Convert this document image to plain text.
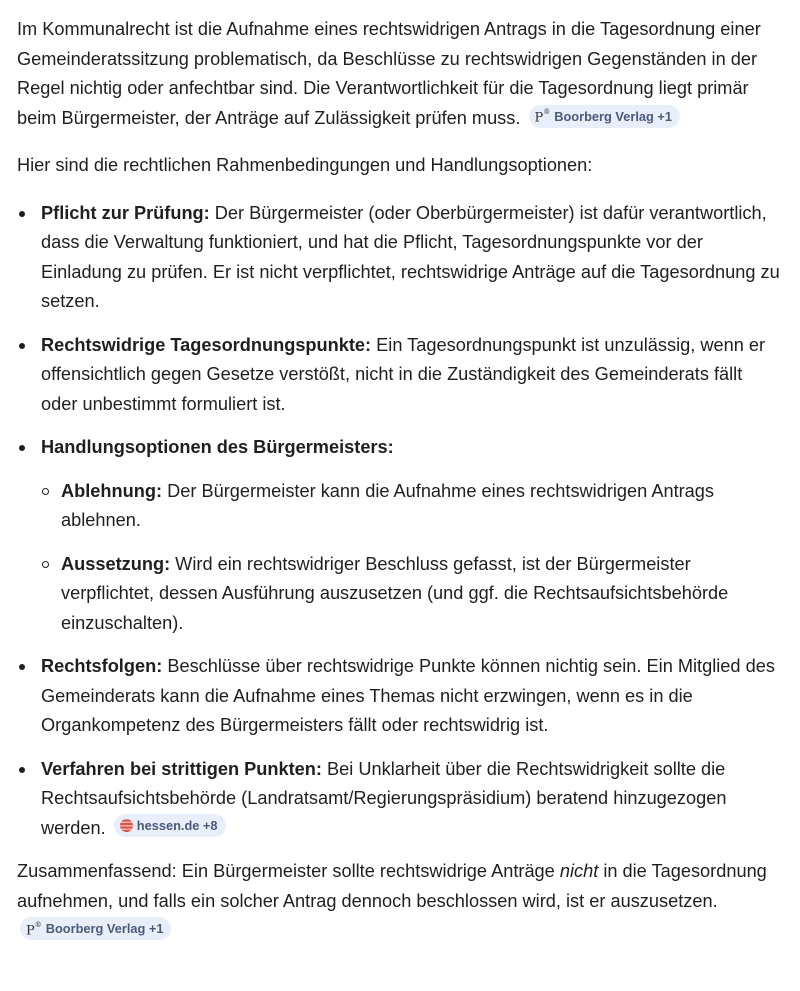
Im Kommunalrecht ist die Aufnahme eines rechtswidrigen Antrags in die Tagesordnung einer Gemeinderatssitzung problematisch, da Beschlüsse zu rechtswidrigen Gegenständen in der Regel nichtig oder anfechtbar sind. Die Verantwortlichkeit für die Tagesordnung liegt primär beim Bürgermeister, der Anträge auf Zulässigkeit prüfen muss. P® Boorberg Verlag +1

Hier sind die rechtlichen Rahmenbedingungen und Handlungsoptionen:

Pflicht zur Prüfung: Der Bürgermeister (oder Oberbürgermeister) ist dafür verantwortlich, dass die Verwaltung funktioniert, und hat die Pflicht, Tagesordnungspunkte vor der Einladung zu prüfen. Er ist nicht verpflichtet, rechtswidrige Anträge auf die Tagesordnung zu setzen.
Rechtswidrige Tagesordnungspunkte: Ein Tagesordnungspunkt ist unzulässig, wenn er offensichtlich gegen Gesetze verstößt, nicht in die Zuständigkeit des Gemeinderats fällt oder unbestimmt formuliert ist.
Handlungsoptionen des Bürgermeisters:
Ablehnung: Der Bürgermeister kann die Aufnahme eines rechtswidrigen Antrags ablehnen.
Aussetzung: Wird ein rechtswidriger Beschluss gefasst, ist der Bürgermeister verpflichtet, dessen Ausführung auszusetzen (und ggf. die Rechtsaufsichtsbehörde einzuschalten).
Rechtsfolgen: Beschlüsse über rechtswidrige Punkte können nichtig sein. Ein Mitglied des Gemeinderats kann die Aufnahme eines Themas nicht erzwingen, wenn es in die Organkompetenz des Bürgermeisters fällt oder rechtswidrig ist.
Verfahren bei strittigen Punkten: Bei Unklarheit über die Rechtswidrigkeit sollte die Rechtsaufsichtsbehörde (Landratsamt/Regierungspräsidium) beratend hinzugezogen werden. hessen.de +8

Zusammenfassend: Ein Bürgermeister sollte rechtswidrige Anträge nicht in die Tagesordnung aufnehmen, und falls ein solcher Antrag dennoch beschlossen wird, ist er auszusetzen.
P® Boorberg Verlag +1
